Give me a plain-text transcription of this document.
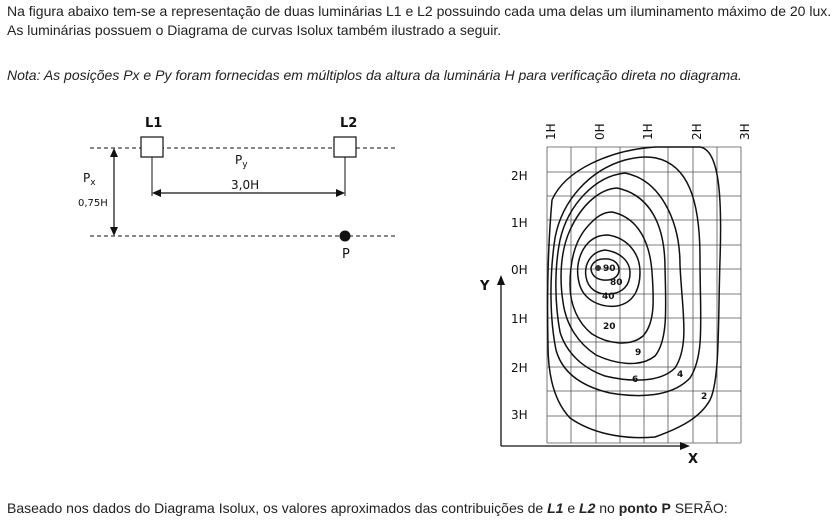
Na figura abaixo tem-se a representação de duas luminárias L1 e L2 possuindo cada uma delas um iluminamento máximo de 20 lux. As luminárias possuem o Diagrama de curvas Isolux também ilustrado a seguir.
Nota: As posições Px e Py foram fornecidas em múltiplos da altura da luminária H para verificação direta no diagrama.
L1	L2
$P_y$
3,0H
$P_x$
0,75H
P
Y
X
2H
1H
0H
1H
2H
3H
1H	0H	1H	2H	3H
90
80
40
20
9
6	4
2
Baseado nos dados do Diagrama Isolux, os valores aproximados das contribuições de L1 e L2 no ponto P SERÃO:
